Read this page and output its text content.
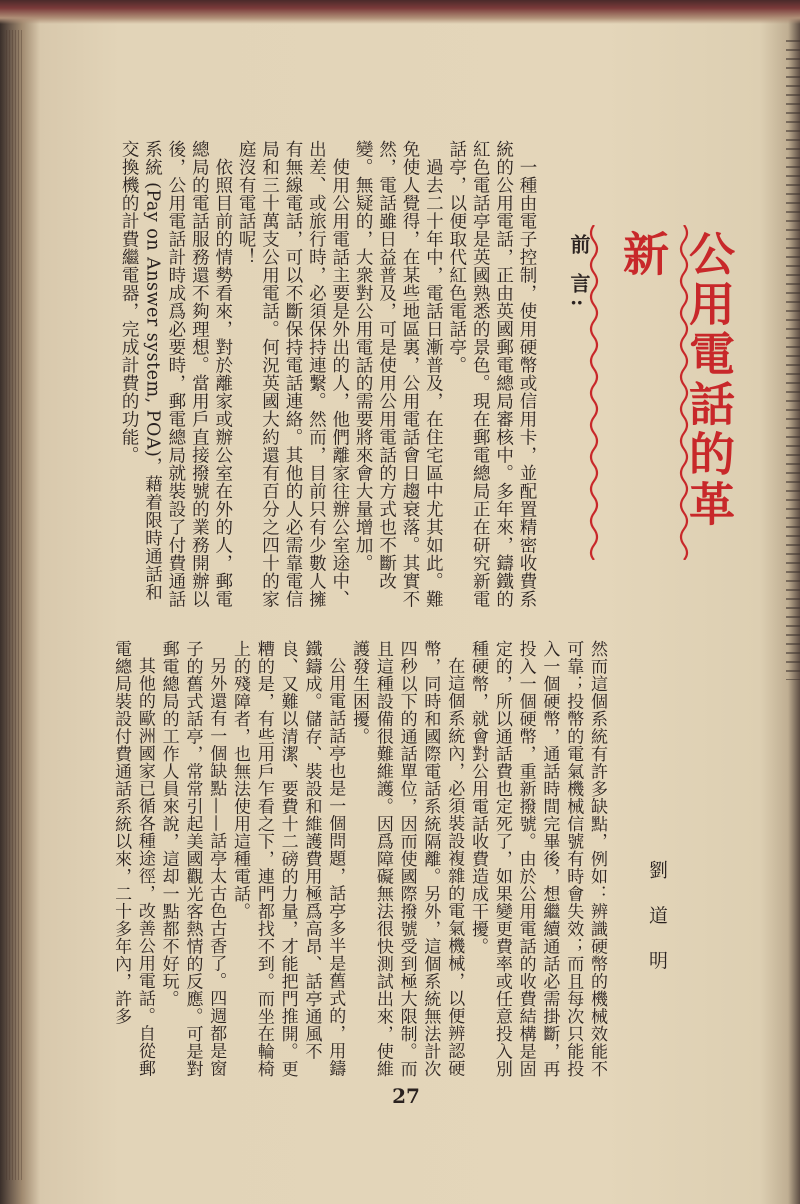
公用電話的革新
前 言:
劉 道 明

一種由電子控制，使用硬幣或信用卡，並配置精密收費系統的公用電話，正由英國郵電總局審核中。多年來，鑄鐵的紅色電話亭是英國熟悉的景色。現在郵電總局正在研究新電話亭，以便取代紅色電話亭。

過去二十年中，電話日漸普及，在住宅區中尤其如此。難免使人覺得，在某些地區裏，公用電話會日趨衰落。其實不然，電話雖日益普及，可是使用公用電話的方式也不斷改變。無疑的，大衆對公用電話的需要將來會大量增加。

使用公用電話主要是外出的人，他們離家往辦公室途中、出差、或旅行時，必須保持連繫。然而，目前只有少數人擁有無線電話，可以不斷保持電話連絡。其他的人必需靠電信局和三十萬支公用電話。何況英國大約還有百分之四十的家庭沒有電話呢！

依照目前的情勢看來，對於離家或辦公室在外的人，郵電總局的電話服務還不夠理想。當用戶直接撥號的業務開辦以後，公用電話計時成爲必要時，郵電總局就裝設了付費通話系統 (Pay on Answer system, POA)，藉着限時通話和交換機的計費繼電器，完成計費的功能。

然而這個系統有許多缺點，例如：辨識硬幣的機械效能不可靠；投幣的電氣機械信號有時會失效；而且每次只能投入一個硬幣，通話時間完畢後，想繼續通話必需掛斷，再投入一個硬幣，重新撥號。由於公用電話的收費結構是固定的，所以通話費也定死了，如果變更費率或任意投入別種硬幣，就會對公用電話收費造成干擾。

在這個系統內，必須裝設複雜的電氣機械，以便辨認硬幣，同時和國際電話系統隔離。另外，這個系統無法計次四秒以下的通話單位，因而使國際撥號受到極大限制。而且這種設備很難維護。因爲障礙無法很快測試出來，使維護發生困擾。

公用電話話亭也是一個問題，話亭多半是舊式的，用鑄鐵鑄成。儲存、裝設和維護費用極爲高昂、話亭通風不良、又難以清潔、要費十二磅的力量，才能把門推開。更糟的是，有些用戶乍看之下，連門都找不到。而坐在輪椅上的殘障者，也無法使用這種電話。

另外還有一個缺點——話亭太古色古香了。四週都是窗子的舊式話亭，常常引起美國觀光客熱情的反應。可是對郵電總局的工作人員來說，這却一點都不好玩。

其他的歐洲國家已循各種途徑，改善公用電話。自從郵電總局裝設付費通話系統以來，二十多年內，許多

27
